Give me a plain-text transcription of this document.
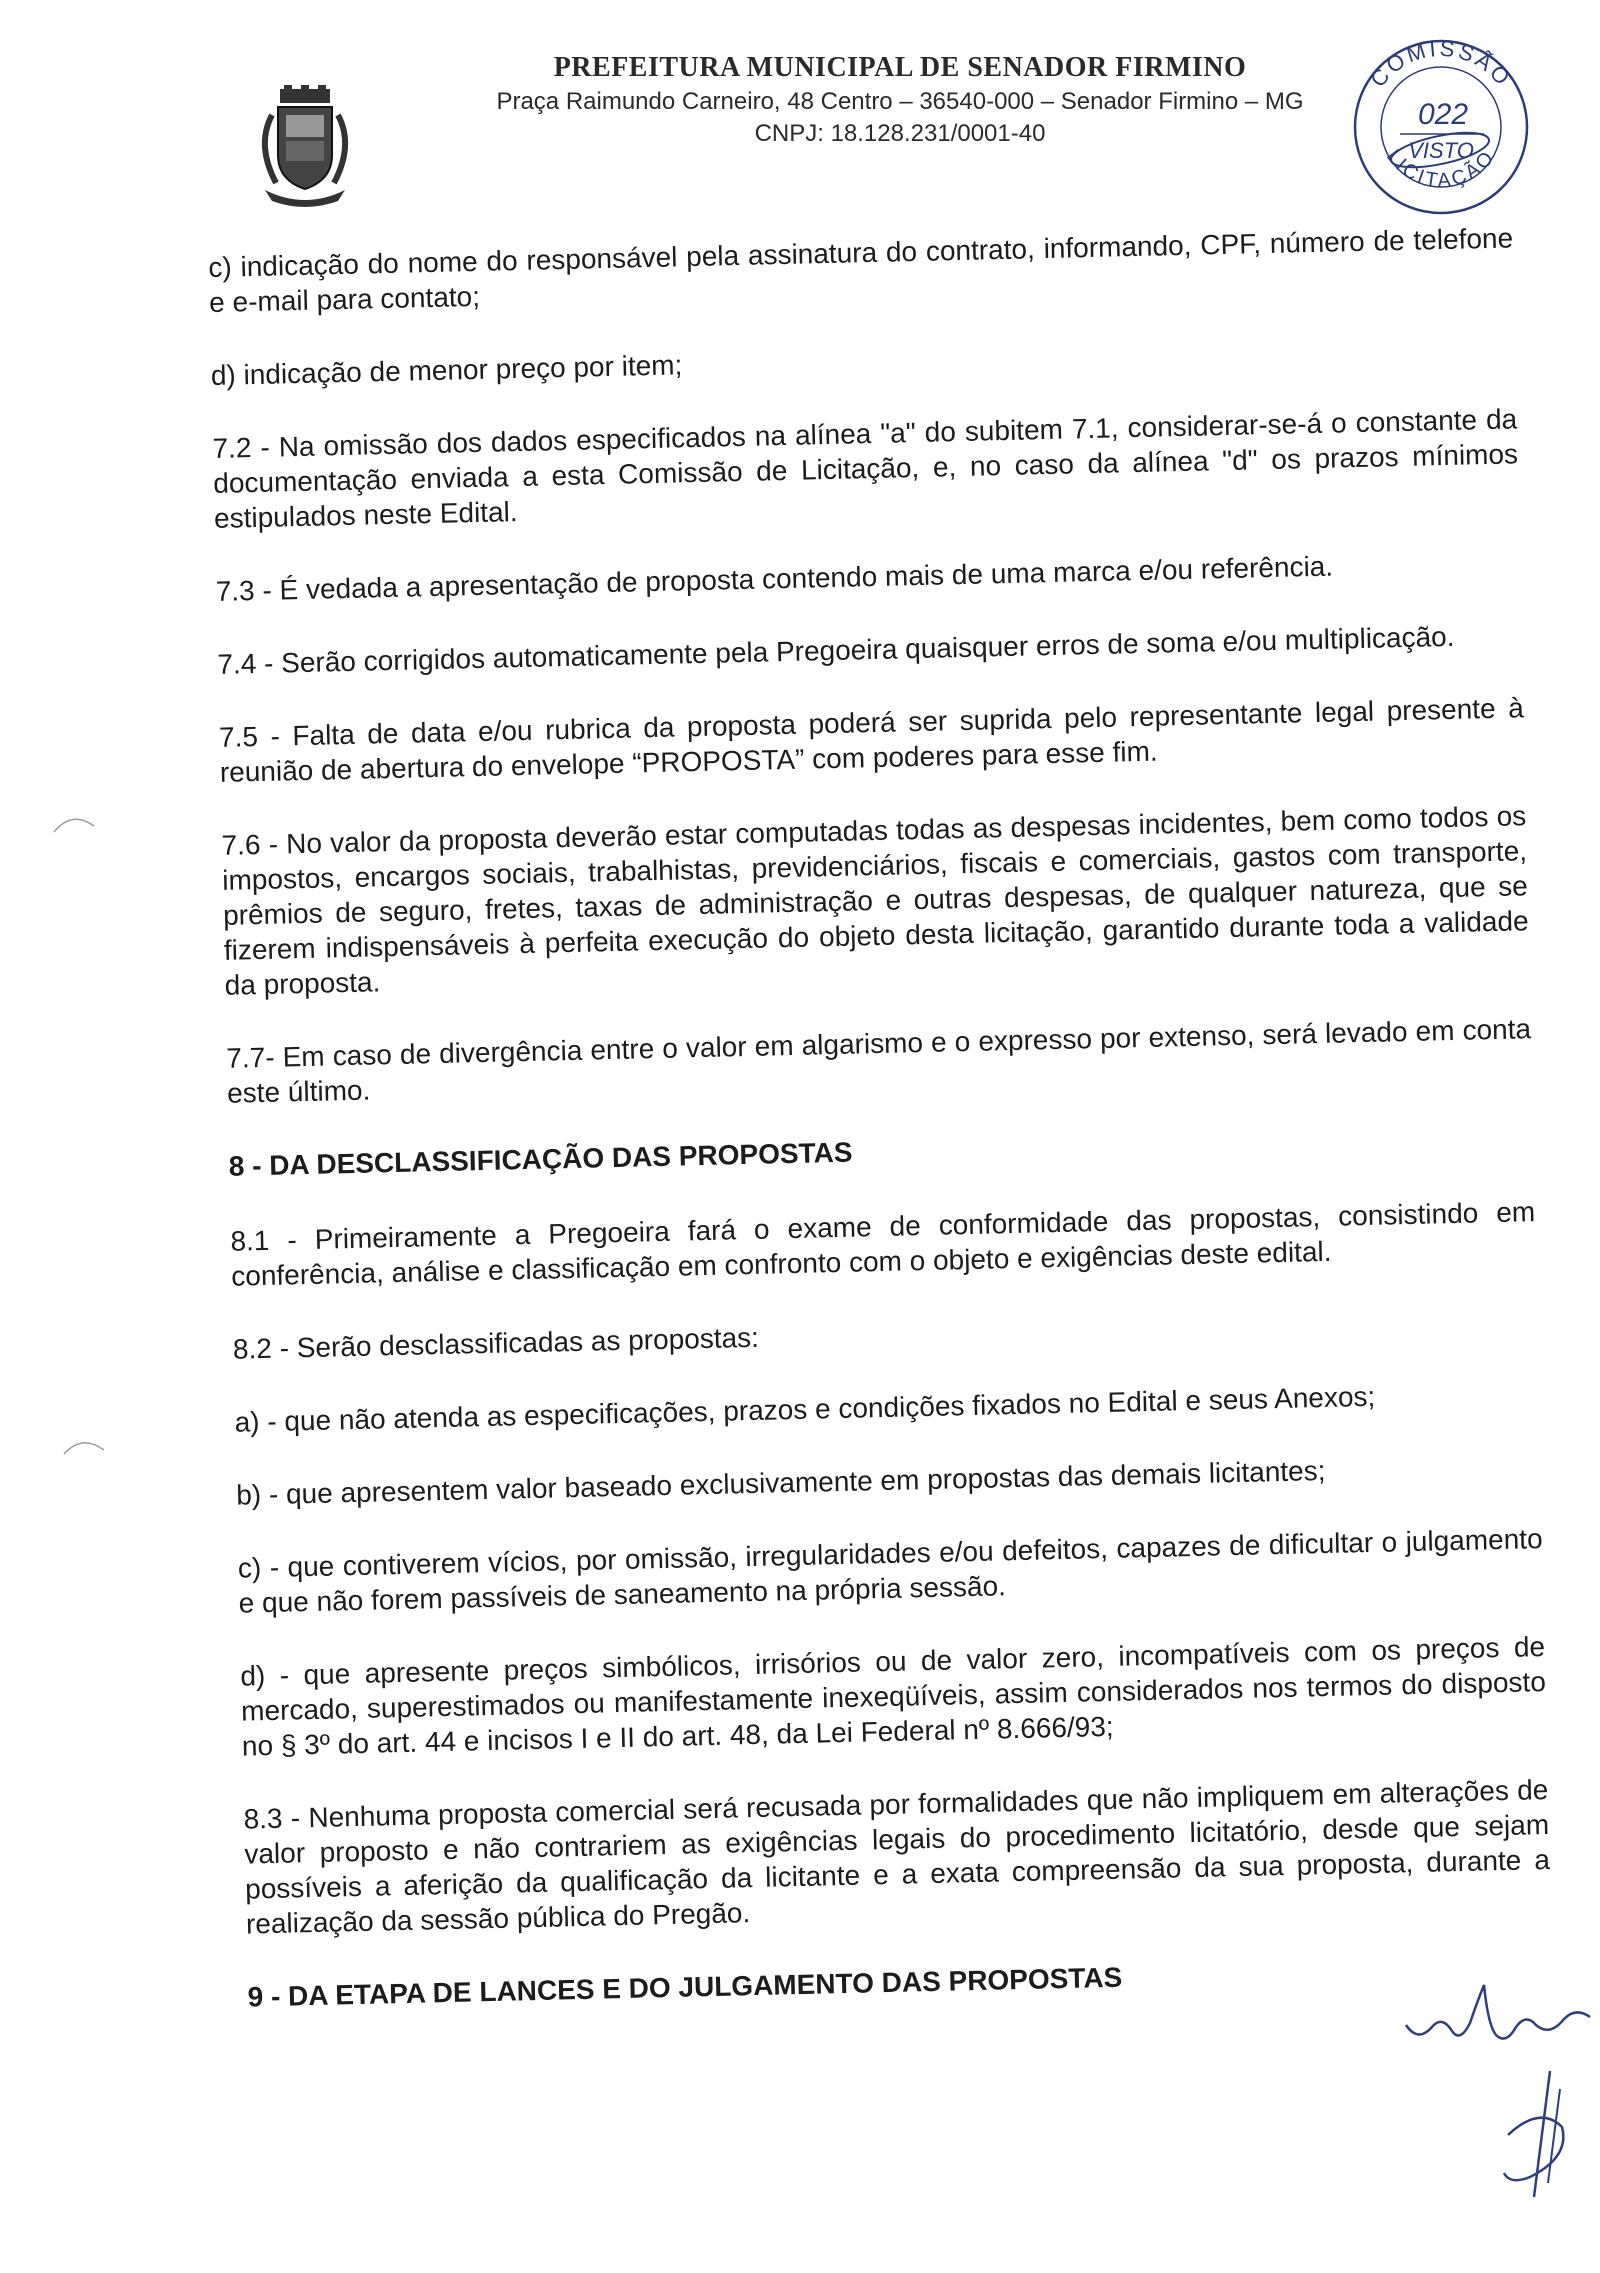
PREFEITURA MUNICIPAL DE SENADOR FIRMINO
Praça Raimundo Carneiro, 48 Centro – 36540-000 – Senador Firmino – MG
CNPJ: 18.128.231/0001-40
COMISSÃO
LICITAÇÃO
022
VISTO

c) indicação do nome do responsável pela assinatura do contrato, informando, CPF, número de telefone e e-mail para contato;

d) indicação de menor preço por item;

7.2 - Na omissão dos dados especificados na alínea "a" do subitem 7.1, considerar-se-á o constante da documentação enviada a esta Comissão de Licitação, e, no caso da alínea "d" os prazos mínimos estipulados neste Edital.

7.3 - É vedada a apresentação de proposta contendo mais de uma marca e/ou referência.

7.4 - Serão corrigidos automaticamente pela Pregoeira quaisquer erros de soma e/ou multiplicação.

7.5 - Falta de data e/ou rubrica da proposta poderá ser suprida pelo representante legal presente à reunião de abertura do envelope “PROPOSTA” com poderes para esse fim.

7.6 - No valor da proposta deverão estar computadas todas as despesas incidentes, bem como todos os impostos, encargos sociais, trabalhistas, previdenciários, fiscais e comerciais, gastos com transporte, prêmios de seguro, fretes, taxas de administração e outras despesas, de qualquer natureza, que se fizerem indispensáveis à perfeita execução do objeto desta licitação, garantido durante toda a validade da proposta.

7.7- Em caso de divergência entre o valor em algarismo e o expresso por extenso, será levado em conta este último.

8 - DA DESCLASSIFICAÇÃO DAS PROPOSTAS

8.1 - Primeiramente a Pregoeira fará o exame de conformidade das propostas, consistindo em conferência, análise e classificação em confronto com o objeto e exigências deste edital.

8.2 - Serão desclassificadas as propostas:

a) - que não atenda as especificações, prazos e condições fixados no Edital e seus Anexos;

b) - que apresentem valor baseado exclusivamente em propostas das demais licitantes;

c) - que contiverem vícios, por omissão, irregularidades e/ou defeitos, capazes de dificultar o julgamento e que não forem passíveis de saneamento na própria sessão.

d) - que apresente preços simbólicos, irrisórios ou de valor zero, incompatíveis com os preços de mercado, superestimados ou manifestamente inexeqüíveis, assim considerados nos termos do disposto no § 3º do art. 44 e incisos I e II do art. 48, da Lei Federal nº 8.666/93;

8.3 - Nenhuma proposta comercial será recusada por formalidades que não impliquem em alterações de valor proposto e não contrariem as exigências legais do procedimento licitatório, desde que sejam possíveis a aferição da qualificação da licitante e a exata compreensão da sua proposta, durante a realização da sessão pública do Pregão.

9 - DA ETAPA DE LANCES E DO JULGAMENTO DAS PROPOSTAS
